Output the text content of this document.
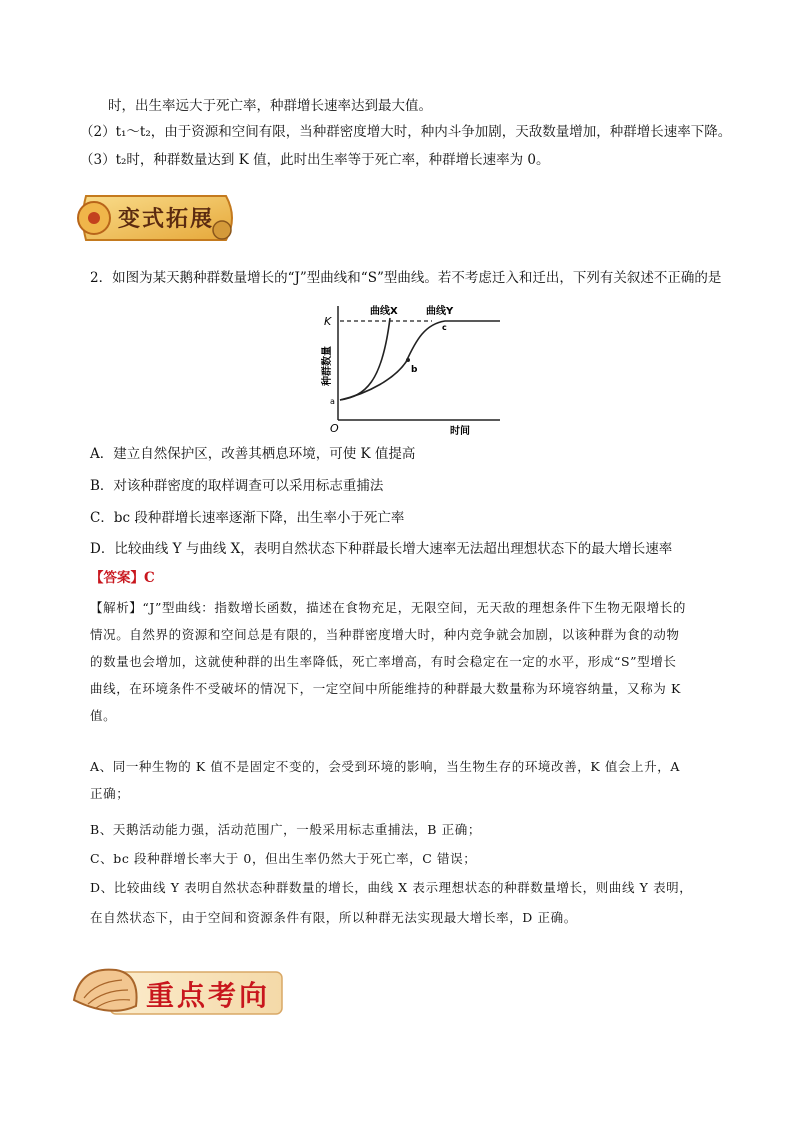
时，出生率远大于死亡率，种群增长速率达到最大值。
（2）t₁～t₂，由于资源和空间有限，当种群密度增大时，种内斗争加剧，天敌数量增加，种群增长速率下降。
（3）t₂时，种群数量达到 K 值，此时出生率等于死亡率，种群增长速率为 0。
变式拓展
2．如图为某天鹅种群数量增长的“J”型曲线和“S”型曲线。若不考虑迁入和迁出，下列有关叙述不正确的是
K
O
a
b
c
曲线X	曲线Y
时间
种群数量
A．建立自然保护区，改善其栖息环境，可使 K 值提高
B．对该种群密度的取样调查可以采用标志重捕法
C．bc 段种群增长速率逐渐下降，出生率小于死亡率
D．比较曲线 Y 与曲线 X，表明自然状态下种群最长增大速率无法超出理想状态下的最大增长速率
【答案】C
【解析】“J”型曲线：指数增长函数，描述在食物充足，无限空间，无天敌的理想条件下生物无限增长的
情况。自然界的资源和空间总是有限的，当种群密度增大时，种内竞争就会加剧，以该种群为食的动物
的数量也会增加，这就使种群的出生率降低，死亡率增高，有时会稳定在一定的水平，形成“S”型增长
曲线，在环境条件不受破坏的情况下，一定空间中所能维持的种群最大数量称为环境容纳量，又称为 K
值。
A、同一种生物的 K 值不是固定不变的，会受到环境的影响，当生物生存的环境改善，K 值会上升，A
正确；
B、天鹅活动能力强，活动范围广，一般采用标志重捕法，B 正确；
C、bc 段种群增长率大于 0，但出生率仍然大于死亡率，C 错误；
D、比较曲线 Y 表明自然状态种群数量的增长，曲线 X 表示理想状态的种群数量增长，则曲线 Y 表明，
在自然状态下，由于空间和资源条件有限，所以种群无法实现最大增长率，D 正确。
重点考向
